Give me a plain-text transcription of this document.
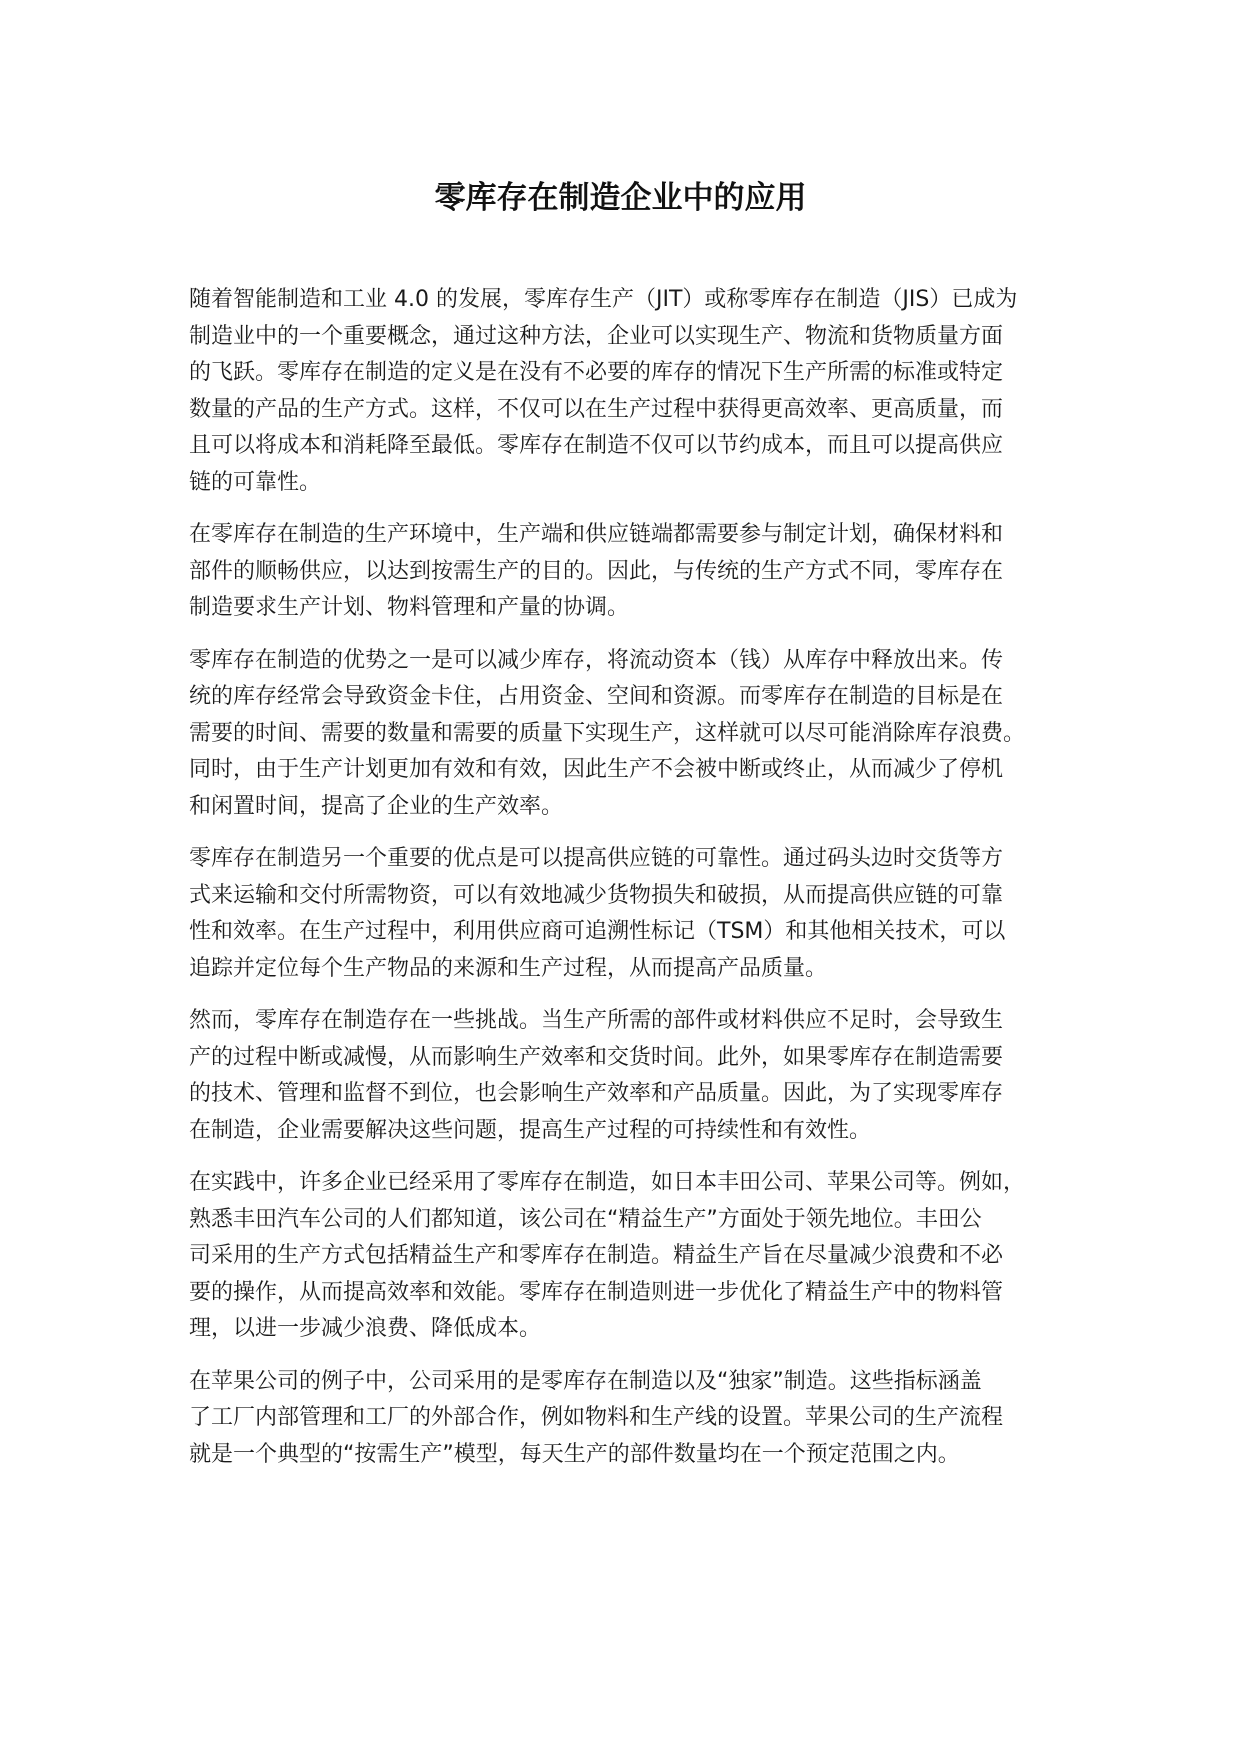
零库存在制造企业中的应用

随着智能制造和工业 4.0 的发展，零库存生产（JIT）或称零库存在制造（JIS）已成为
制造业中的一个重要概念，通过这种方法，企业可以实现生产、物流和货物质量方面
的飞跃。零库存在制造的定义是在没有不必要的库存的情况下生产所需的标准或特定
数量的产品的生产方式。这样，不仅可以在生产过程中获得更高效率、更高质量，而
且可以将成本和消耗降至最低。零库存在制造不仅可以节约成本，而且可以提高供应
链的可靠性。

在零库存在制造的生产环境中，生产端和供应链端都需要参与制定计划，确保材料和
部件的顺畅供应，以达到按需生产的目的。因此，与传统的生产方式不同，零库存在
制造要求生产计划、物料管理和产量的协调。

零库存在制造的优势之一是可以减少库存，将流动资本（钱）从库存中释放出来。传
统的库存经常会导致资金卡住，占用资金、空间和资源。而零库存在制造的目标是在
需要的时间、需要的数量和需要的质量下实现生产，这样就可以尽可能消除库存浪费。
同时，由于生产计划更加有效和有效，因此生产不会被中断或终止，从而减少了停机
和闲置时间，提高了企业的生产效率。

零库存在制造另一个重要的优点是可以提高供应链的可靠性。通过码头边时交货等方
式来运输和交付所需物资，可以有效地减少货物损失和破损，从而提高供应链的可靠
性和效率。在生产过程中，利用供应商可追溯性标记（TSM）和其他相关技术，可以
追踪并定位每个生产物品的来源和生产过程，从而提高产品质量。

然而，零库存在制造存在一些挑战。当生产所需的部件或材料供应不足时，会导致生
产的过程中断或减慢，从而影响生产效率和交货时间。此外，如果零库存在制造需要
的技术、管理和监督不到位，也会影响生产效率和产品质量。因此，为了实现零库存
在制造，企业需要解决这些问题，提高生产过程的可持续性和有效性。

在实践中，许多企业已经采用了零库存在制造，如日本丰田公司、苹果公司等。例如，
熟悉丰田汽车公司的人们都知道，该公司在“精益生产”方面处于领先地位。丰田公
司采用的生产方式包括精益生产和零库存在制造。精益生产旨在尽量减少浪费和不必
要的操作，从而提高效率和效能。零库存在制造则进一步优化了精益生产中的物料管
理，以进一步减少浪费、降低成本。

在苹果公司的例子中，公司采用的是零库存在制造以及“独家”制造。这些指标涵盖
了工厂内部管理和工厂的外部合作，例如物料和生产线的设置。苹果公司的生产流程
就是一个典型的“按需生产”模型，每天生产的部件数量均在一个预定范围之内。
